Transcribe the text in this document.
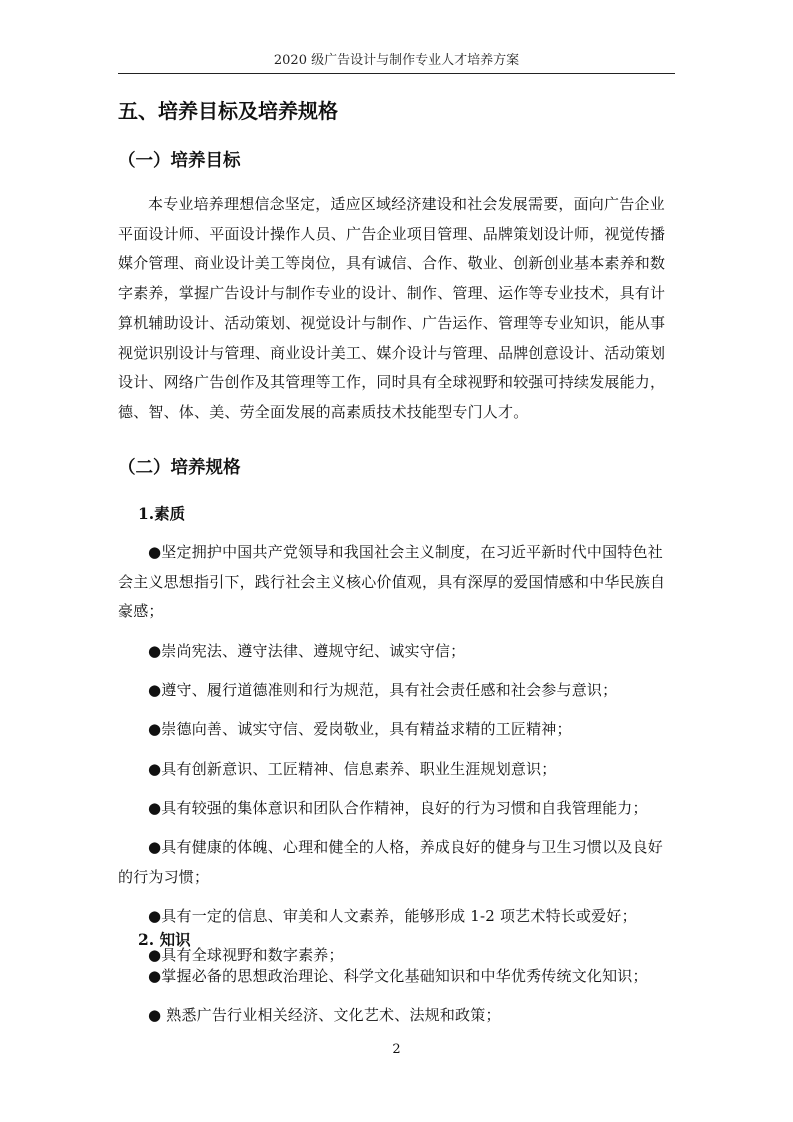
2020 级广告设计与制作专业人才培养方案
五、培养目标及培养规格
（一）培养目标

本专业培养理想信念坚定，适应区域经济建设和社会发展需要，面向广告企业平面设计师、平面设计操作人员、广告企业项目管理、品牌策划设计师，视觉传播媒介管理、商业设计美工等岗位，具有诚信、合作、敬业、创新创业基本素养和数字素养，掌握广告设计与制作专业的设计、制作、管理、运作等专业技术，具有计算机辅助设计、活动策划、视觉设计与制作、广告运作、管理等专业知识，能从事视觉识别设计与管理、商业设计美工、媒介设计与管理、品牌创意设计、活动策划设计、网络广告创作及其管理等工作，同时具有全球视野和较强可持续发展能力，德、智、体、美、劳全面发展的高素质技术技能型专门人才。

（二）培养规格
1.素质
●坚定拥护中国共产党领导和我国社会主义制度，在习近平新时代中国特色社会主义思想指引下，践行社会主义核心价值观，具有深厚的爱国情感和中华民族自豪感；
●崇尚宪法、遵守法律、遵规守纪、诚实守信；
●遵守、履行道德准则和行为规范，具有社会责任感和社会参与意识；
●崇德向善、诚实守信、爱岗敬业，具有精益求精的工匠精神；
●具有创新意识、工匠精神、信息素养、职业生涯规划意识；
●具有较强的集体意识和团队合作精神，良好的行为习惯和自我管理能力；
●具有健康的体魄、心理和健全的人格，养成良好的健身与卫生习惯以及良好的行为习惯；
●具有一定的信息、审美和人文素养，能够形成 1-2 项艺术特长或爱好；
●具有全球视野和数字素养；
2. 知识
●掌握必备的思想政治理论、科学文化基础知识和中华优秀传统文化知识；
● 熟悉广告行业相关经济、文化艺术、法规和政策；
2
